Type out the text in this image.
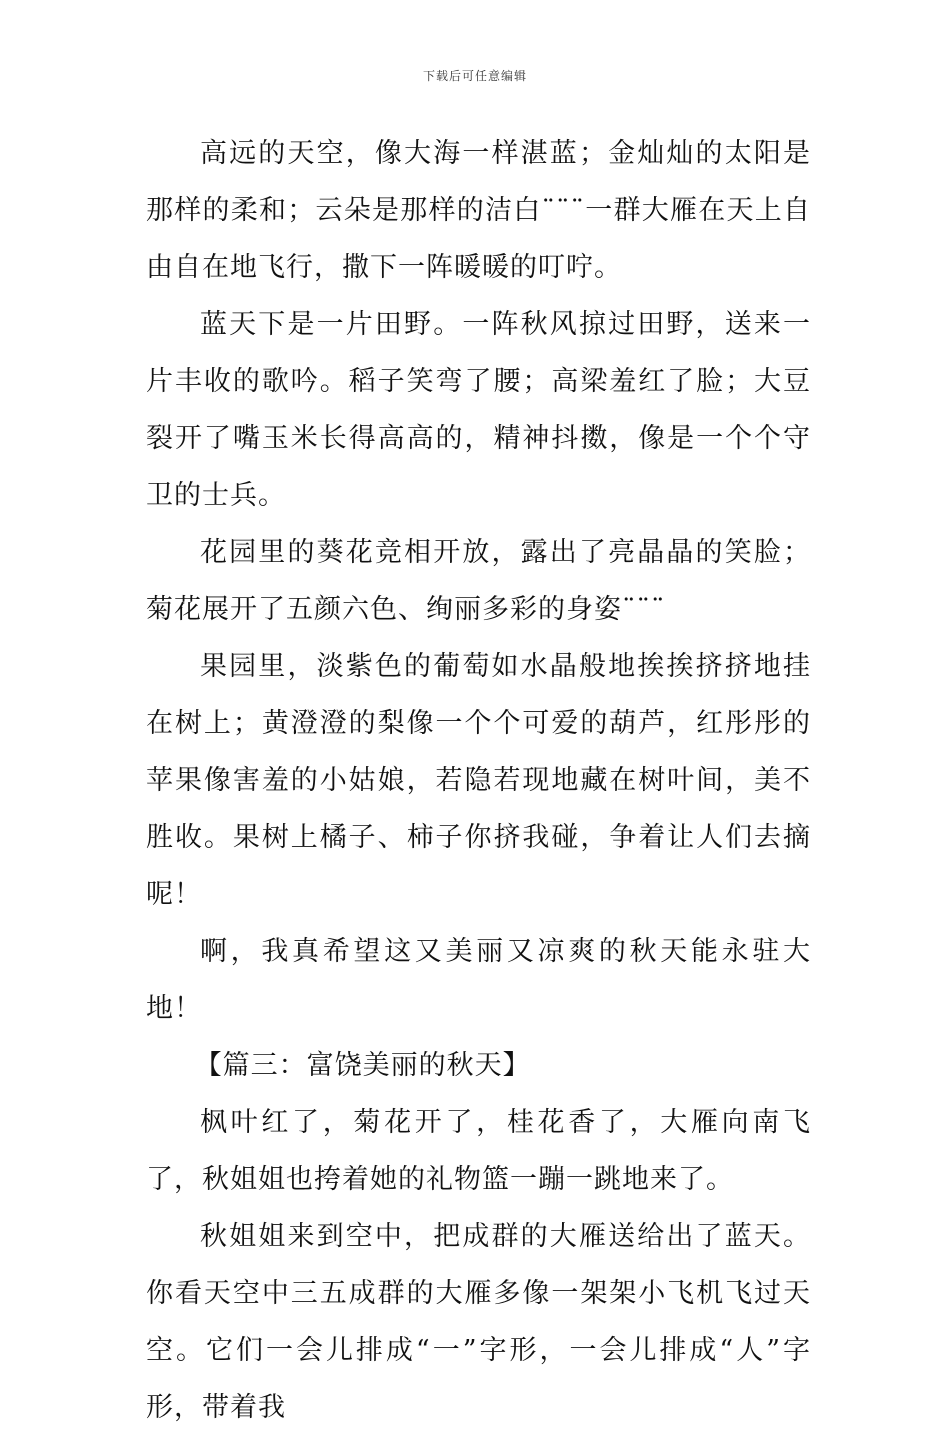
下载后可任意编辑

高远的天空，像大海一样湛蓝；金灿灿的太阳是那样的柔和；云朵是那样的洁白¨¨¨一群大雁在天上自由自在地飞行，撒下一阵暖暖的叮咛。

蓝天下是一片田野。一阵秋风掠过田野，送来一片丰收的歌吟。稻子笑弯了腰；高梁羞红了脸；大豆裂开了嘴玉米长得高高的，精神抖擞，像是一个个守卫的士兵。

花园里的葵花竞相开放，露出了亮晶晶的笑脸；菊花展开了五颜六色、绚丽多彩的身姿¨¨¨

果园里，淡紫色的葡萄如水晶般地挨挨挤挤地挂在树上；黄澄澄的梨像一个个可爱的葫芦，红彤彤的苹果像害羞的小姑娘，若隐若现地藏在树叶间，美不胜收。果树上橘子、柿子你挤我碰，争着让人们去摘呢！

啊，我真希望这又美丽又凉爽的秋天能永驻大地！

【篇三：富饶美丽的秋天】

枫叶红了，菊花开了，桂花香了，大雁向南飞了，秋姐姐也挎着她的礼物篮一蹦一跳地来了。

秋姐姐来到空中，把成群的大雁送给出了蓝天。你看天空中三五成群的大雁多像一架架小飞机飞过天空。它们一会儿排成“一”字形，一会儿排成“人”字形，带着我
